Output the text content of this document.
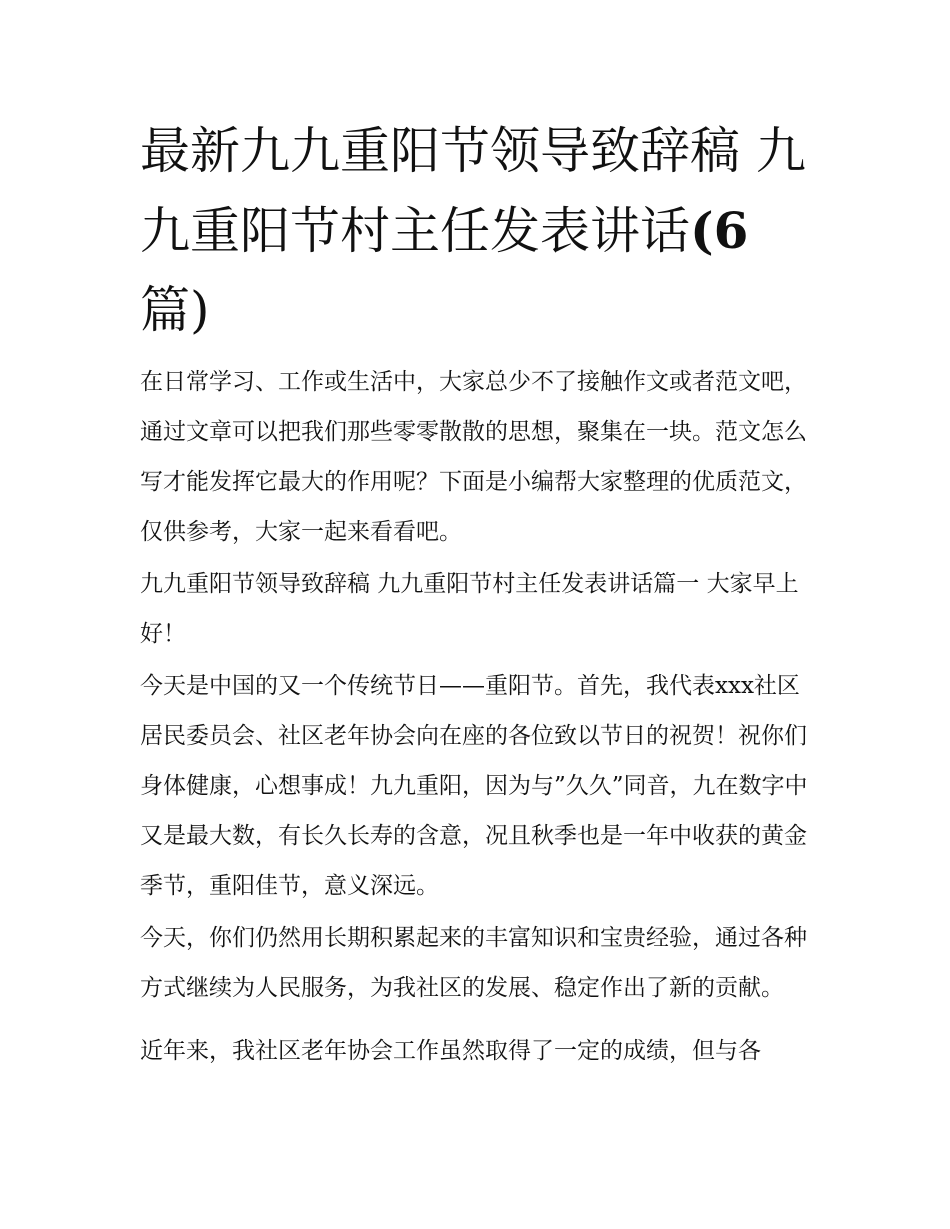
最新九九重阳节领导致辞稿 九九重阳节村主任发表讲话(6
篇)

在日常学习、工作或生活中，大家总少不了接触作文或者范文吧，通过文章可以把我们那些零零散散的思想，聚集在一块。范文怎么写才能发挥它最大的作用呢？下面是小编帮大家整理的优质范文，仅供参考，大家一起来看看吧。

九九重阳节领导致辞稿 九九重阳节村主任发表讲话篇一 大家早上好！

今天是中国的又一个传统节日——重阳节。首先，我代表xxx社区居民委员会、社区老年协会向在座的各位致以节日的祝贺！祝你们身体健康，心想事成！九九重阳，因为与”久久”同音，九在数字中又是最大数，有长久长寿的含意，况且秋季也是一年中收获的黄金季节，重阳佳节，意义深远。

今天，你们仍然用长期积累起来的丰富知识和宝贵经验，通过各种方式继续为人民服务，为我社区的发展、稳定作出了新的贡献。

近年来，我社区老年协会工作虽然取得了一定的成绩，但与各
